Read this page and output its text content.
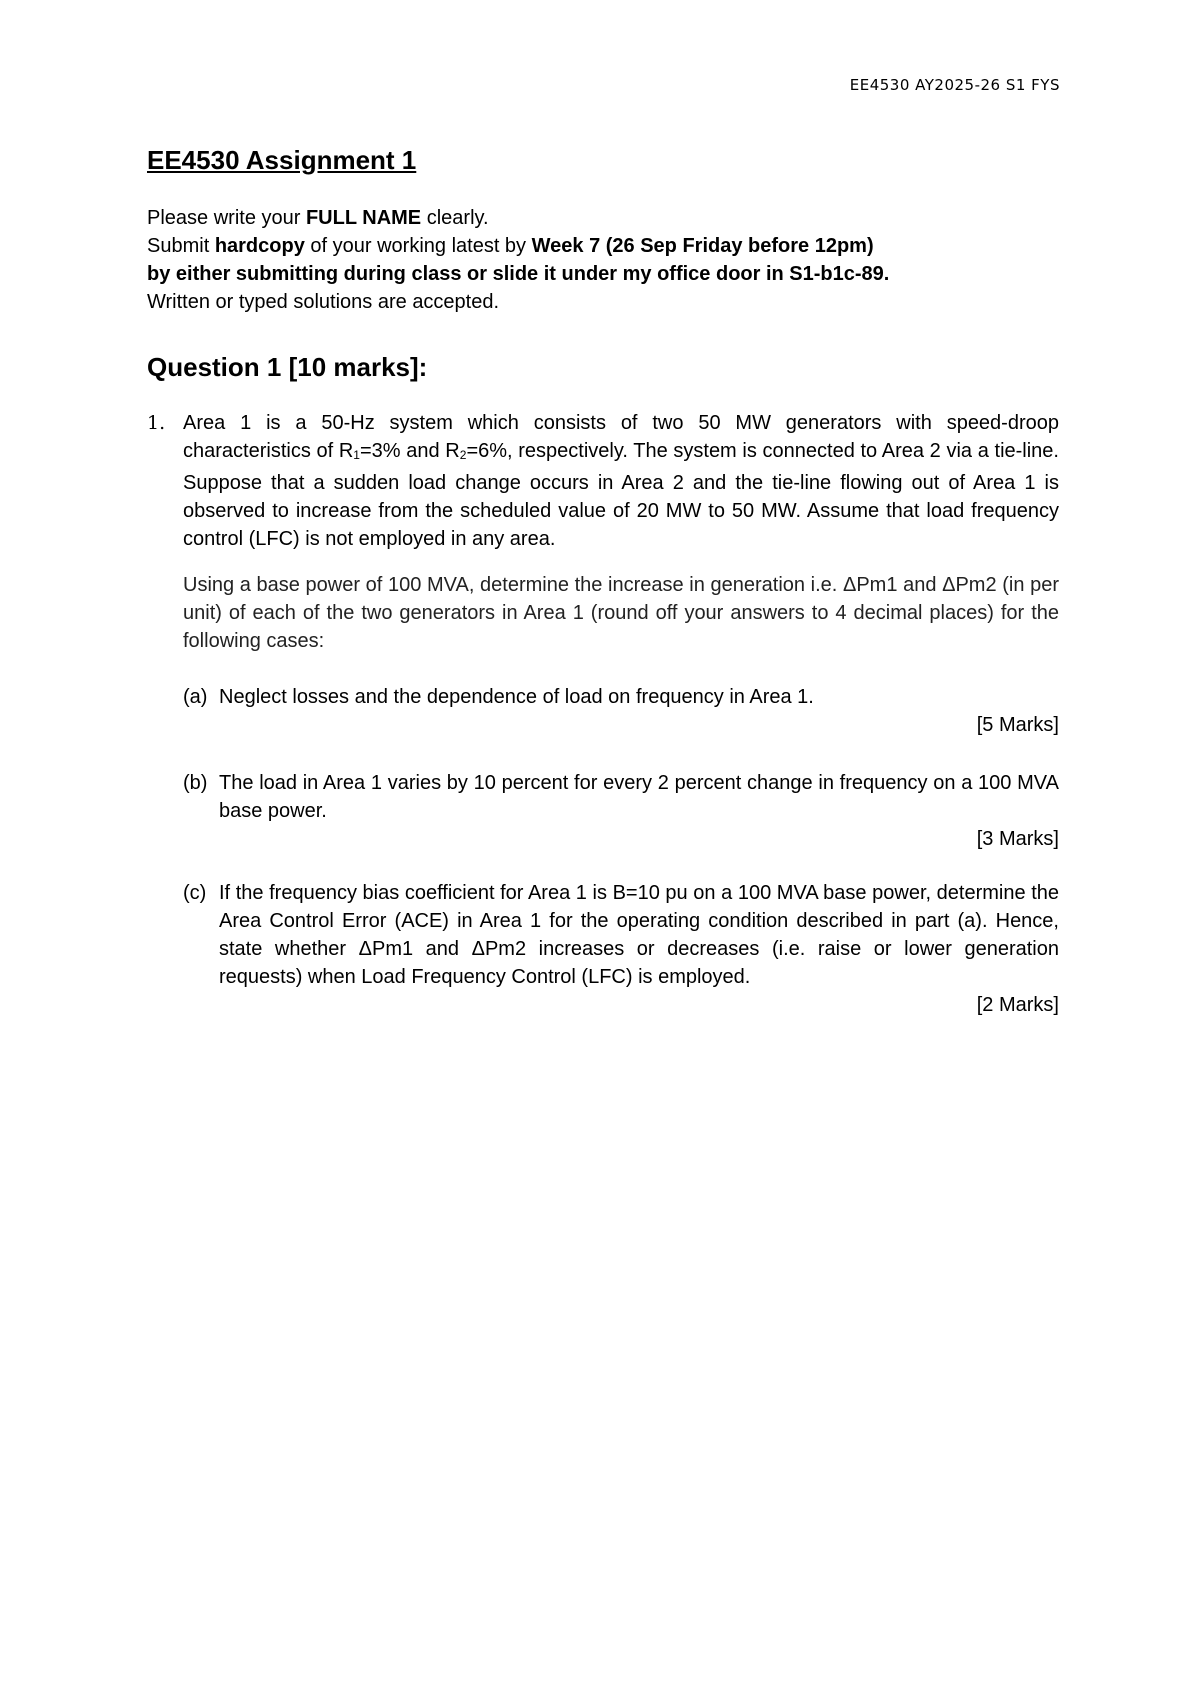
EE4530 AY2025-26 S1 FYS
EE4530 Assignment 1

Please write your FULL NAME clearly.

Submit hardcopy of your working latest by Week 7 (26 Sep Friday before 12pm)

by either submitting during class or slide it under my office door in S1-b1c-89.

Written or typed solutions are accepted.

Question 1 [10 marks]:
1. Area 1 is a 50-Hz system which consists of two 50 MW generators with speed-droop characteristics of $R_1=3\%$ and $R_2=6\%$, respectively. The system is connected to Area 2 via a tie-line. Suppose that a sudden load change occurs in Area 2 and the tie-line flowing out of Area 1 is observed to increase from the scheduled value of 20 MW to 50 MW. Assume that load frequency control (LFC) is not employed in any area.

Using a base power of 100 MVA, determine the increase in generation i.e. ΔPm1 and ΔPm2 (in per unit) of each of the two generators in Area 1 (round off your answers to 4 decimal places) for the following cases:

(a) Neglect losses and the dependence of load on frequency in Area 1.
[5 Marks]
(b) The load in Area 1 varies by 10 percent for every 2 percent change in frequency on a 100 MVA base power.
[3 Marks]
(c) If the frequency bias coefficient for Area 1 is B=10 pu on a 100 MVA base power, determine the Area Control Error (ACE) in Area 1 for the operating condition described in part (a). Hence, state whether ΔPm1 and ΔPm2 increases or decreases (i.e. raise or lower generation requests) when Load Frequency Control (LFC) is employed.
[2 Marks]
